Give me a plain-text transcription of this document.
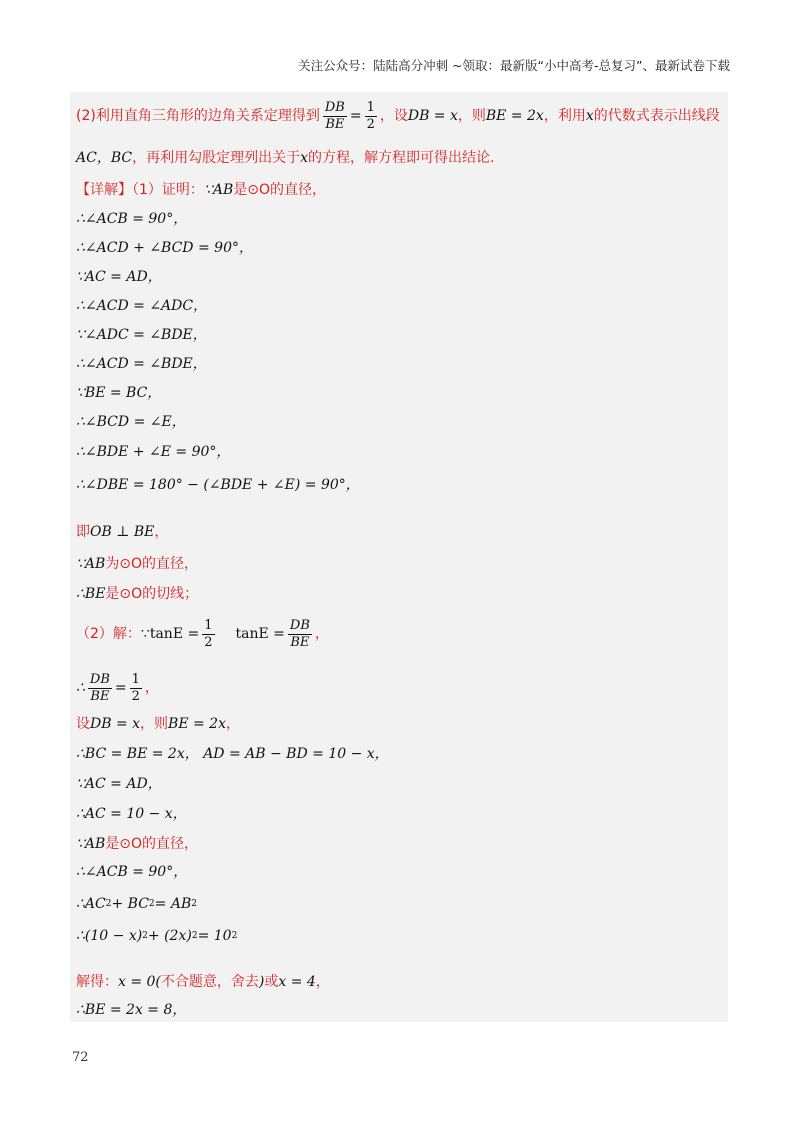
关注公众号：陆陆高分冲刺 ~领取：最新版“小中高考-总复习”、最新试卷下载
(2)利用直角三角形的边角关系定理得到 $\frac{DB}{BE} = \frac{1}{2}$ ，设 DB = x ，则 BE = 2x ，利用 x 的代数式表示出线段
AC，BC ，再利用勾股定理列出关于 x 的方程，解方程即可得出结论.
【详解】（1）证明： ∵AB 是⊙O的直径，
∴∠ACB = 90°，
∴∠ACD + ∠BCD = 90°，
∵AC = AD，
∴∠ACD = ∠ADC，
∵∠ADC = ∠BDE，
∴∠ACD = ∠BDE，
∵BE = BC，
∴∠BCD = ∠E，
∴∠BDE + ∠E = 90°，
∴∠DBE = 180° − (∠BDE + ∠E) = 90°，
即 OB ⊥ BE ，
∵AB 为⊙O的直径，
∴BE 是⊙O的切线；
（2）解： ∵tanE = $\frac{1}{2}$ $\tan E = \frac{DB}{BE}$ ，
∴ $\frac{DB}{BE} = \frac{1}{2}$ ，
设 DB = x ，则 BE = 2x ，
∴BC = BE = 2x， AD = AB − BD = 10 − x，
∵AC = AD，
∴AC = 10 − x，
∵AB 是⊙O的直径，
∴∠ACB = 90°，
∴AC 2 + BC 2 = AB 2
∴(10 − x) 2 + (2x) 2 = 10 2
解得： x = 0( 不合题意，舍去 ) 或 x = 4 ，
∴BE = 2x = 8，
72
